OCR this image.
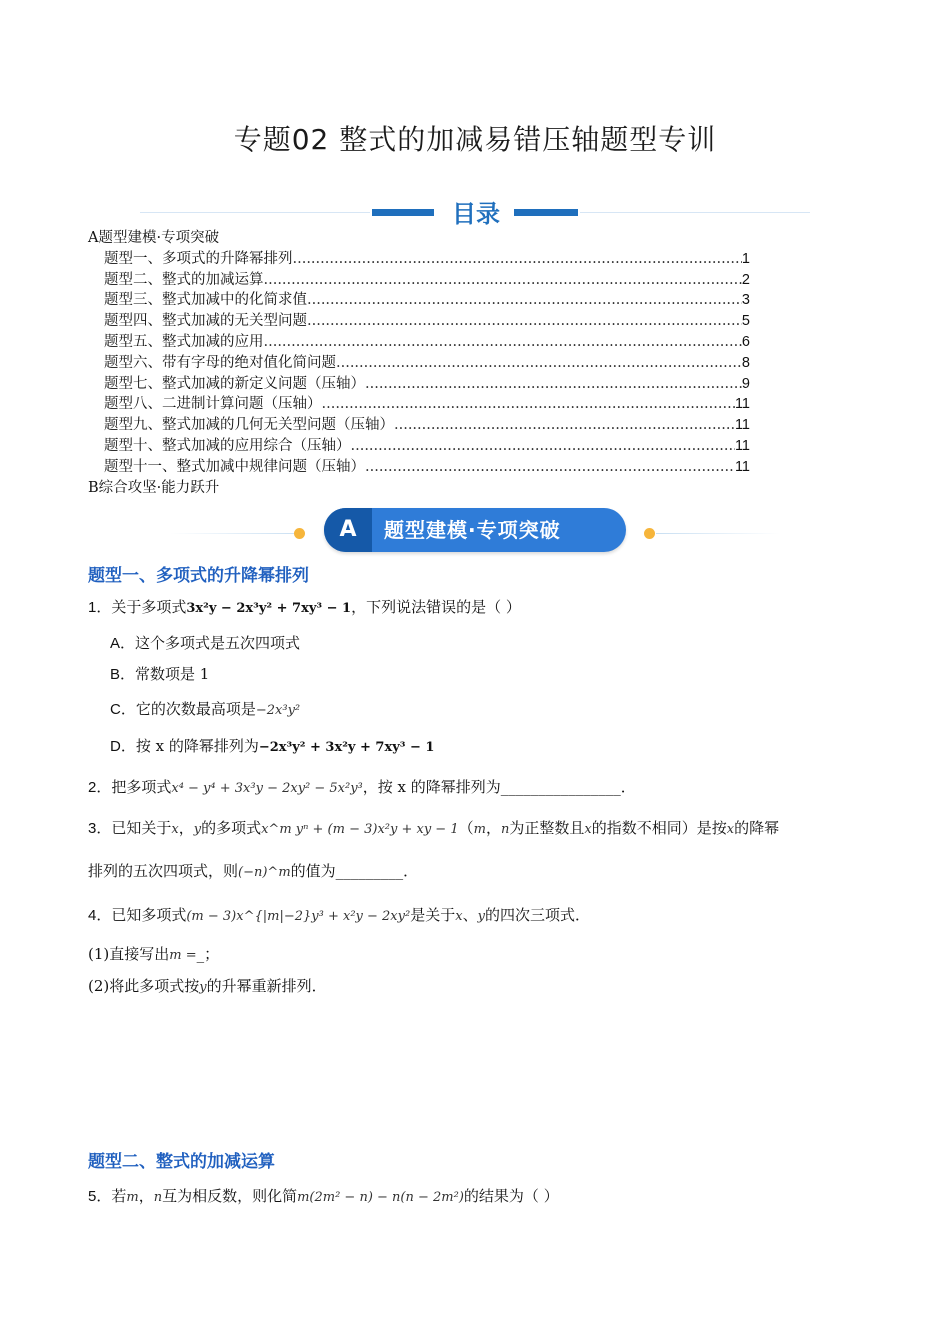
专题02 整式的加减易错压轴题型专训
目录
A题型建模·专项突破
题型一、多项式的升降幂排列 .....	1
题型二、整式的加减运算 .....	2
题型三、整式加减中的化简求值 .....	3
题型四、整式加减的无关型问题 .....	5
题型五、整式加减的应用 .....	6
题型六、带有字母的绝对值化简问题 .....	8
题型七、整式加减的新定义问题（压轴） .....	9
题型八、二进制计算问题（压轴） .....	11
题型九、整式加减的几何无关型问题（压轴） .....	11
题型十、整式加减的应用综合（压轴） .....	11
题型十一、整式加减中规律问题（压轴） .....	11
B综合攻坚·能力跃升
A	题型建模·专项突破
题型一、多项式的升降幂排列
1．关于多项式3x²y − 2x³y² + 7xy³ − 1，下列说法错误的是（ ）
A．这个多项式是五次四项式
B．常数项是 1
C．它的次数最高项是−2x³y²
D．按 x 的降幂排列为−2x³y² + 3x²y + 7xy³ − 1
2．把多项式x⁴ − y⁴ + 3x³y − 2xy² − 5x²y³，按 x 的降幂排列为________________．
3．已知关于x，y的多项式x^m yⁿ + (m − 3)x²y + xy − 1（m，n为正整数且x的指数不相同）是按x的降幂
排列的五次四项式，则(−n)^m的值为_________．
4．已知多项式(m − 3)x^{|m|−2}y³ + x²y − 2xy²是关于x、y的四次三项式．
(1)直接写出m =_；
(2)将此多项式按y的升幂重新排列．
题型二、整式的加减运算
5．若m，n互为相反数，则化简m(2m² − n) − n(n − 2m²)的结果为（ ）
